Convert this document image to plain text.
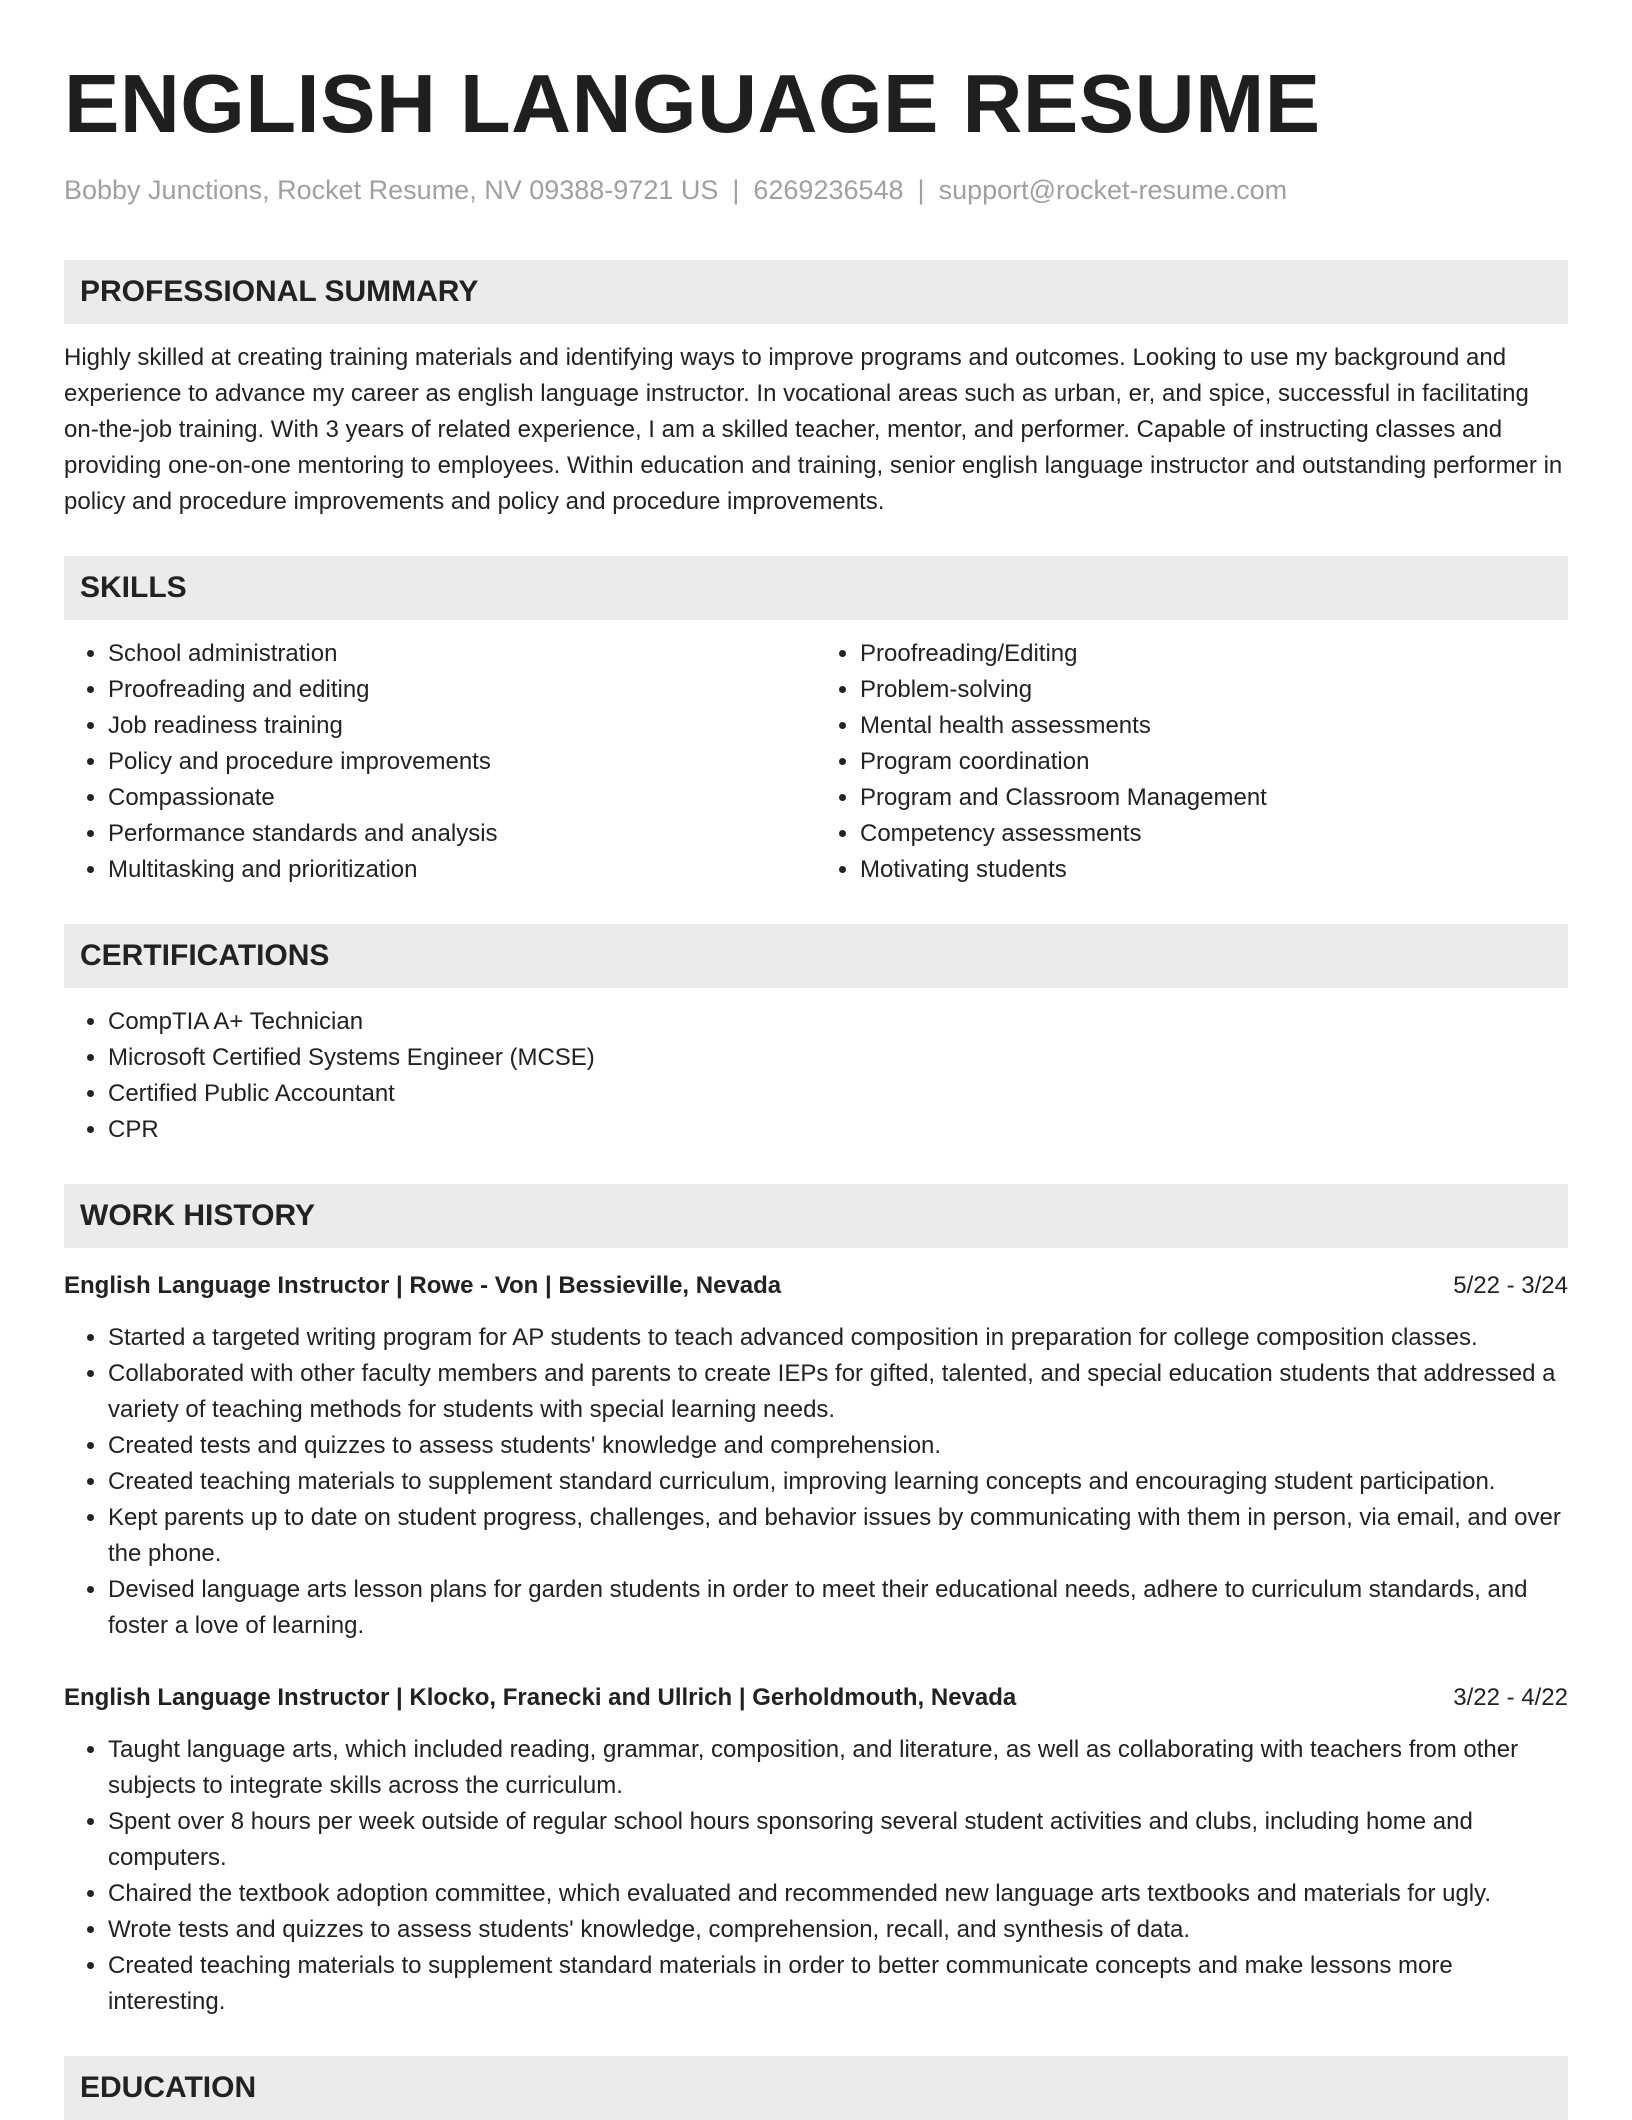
ENGLISH LANGUAGE RESUME
Bobby Junctions, Rocket Resume, NV 09388-9721 US | 6269236548 | support@rocket-resume.com
PROFESSIONAL SUMMARY

Highly skilled at creating training materials and identifying ways to improve programs and outcomes. Looking to use my background and experience to advance my career as english language instructor. In vocational areas such as urban, er, and spice, successful in facilitating on-the-job training. With 3 years of related experience, I am a skilled teacher, mentor, and performer. Capable of instructing classes and providing one-on-one mentoring to employees. Within education and training, senior english language instructor and outstanding performer in policy and procedure improvements and policy and procedure improvements.

SKILLS
• School administration
• Proofreading and editing
• Job readiness training
• Policy and procedure improvements
• Compassionate
• Performance standards and analysis
• Multitasking and prioritization
• Proofreading/Editing
• Problem-solving
• Mental health assessments
• Program coordination
• Program and Classroom Management
• Competency assessments
• Motivating students
CERTIFICATIONS
• CompTIA A+ Technician
• Microsoft Certified Systems Engineer (MCSE)
• Certified Public Accountant
• CPR
WORK HISTORY
English Language Instructor | Rowe - Von | Bessieville, Nevada	5/22 - 3/24
• Started a targeted writing program for AP students to teach advanced composition in preparation for college composition classes.
• Collaborated with other faculty members and parents to create IEPs for gifted, talented, and special education students that addressed a variety of teaching methods for students with special learning needs.
• Created tests and quizzes to assess students' knowledge and comprehension.
• Created teaching materials to supplement standard curriculum, improving learning concepts and encouraging student participation.
• Kept parents up to date on student progress, challenges, and behavior issues by communicating with them in person, via email, and over the phone.
• Devised language arts lesson plans for garden students in order to meet their educational needs, adhere to curriculum standards, and foster a love of learning.
English Language Instructor | Klocko, Franecki and Ullrich | Gerholdmouth, Nevada	3/22 - 4/22
• Taught language arts, which included reading, grammar, composition, and literature, as well as collaborating with teachers from other subjects to integrate skills across the curriculum.
• Spent over 8 hours per week outside of regular school hours sponsoring several student activities and clubs, including home and computers.
• Chaired the textbook adoption committee, which evaluated and recommended new language arts textbooks and materials for ugly.
• Wrote tests and quizzes to assess students' knowledge, comprehension, recall, and synthesis of data.
• Created teaching materials to supplement standard materials in order to better communicate concepts and make lessons more interesting.
EDUCATION
